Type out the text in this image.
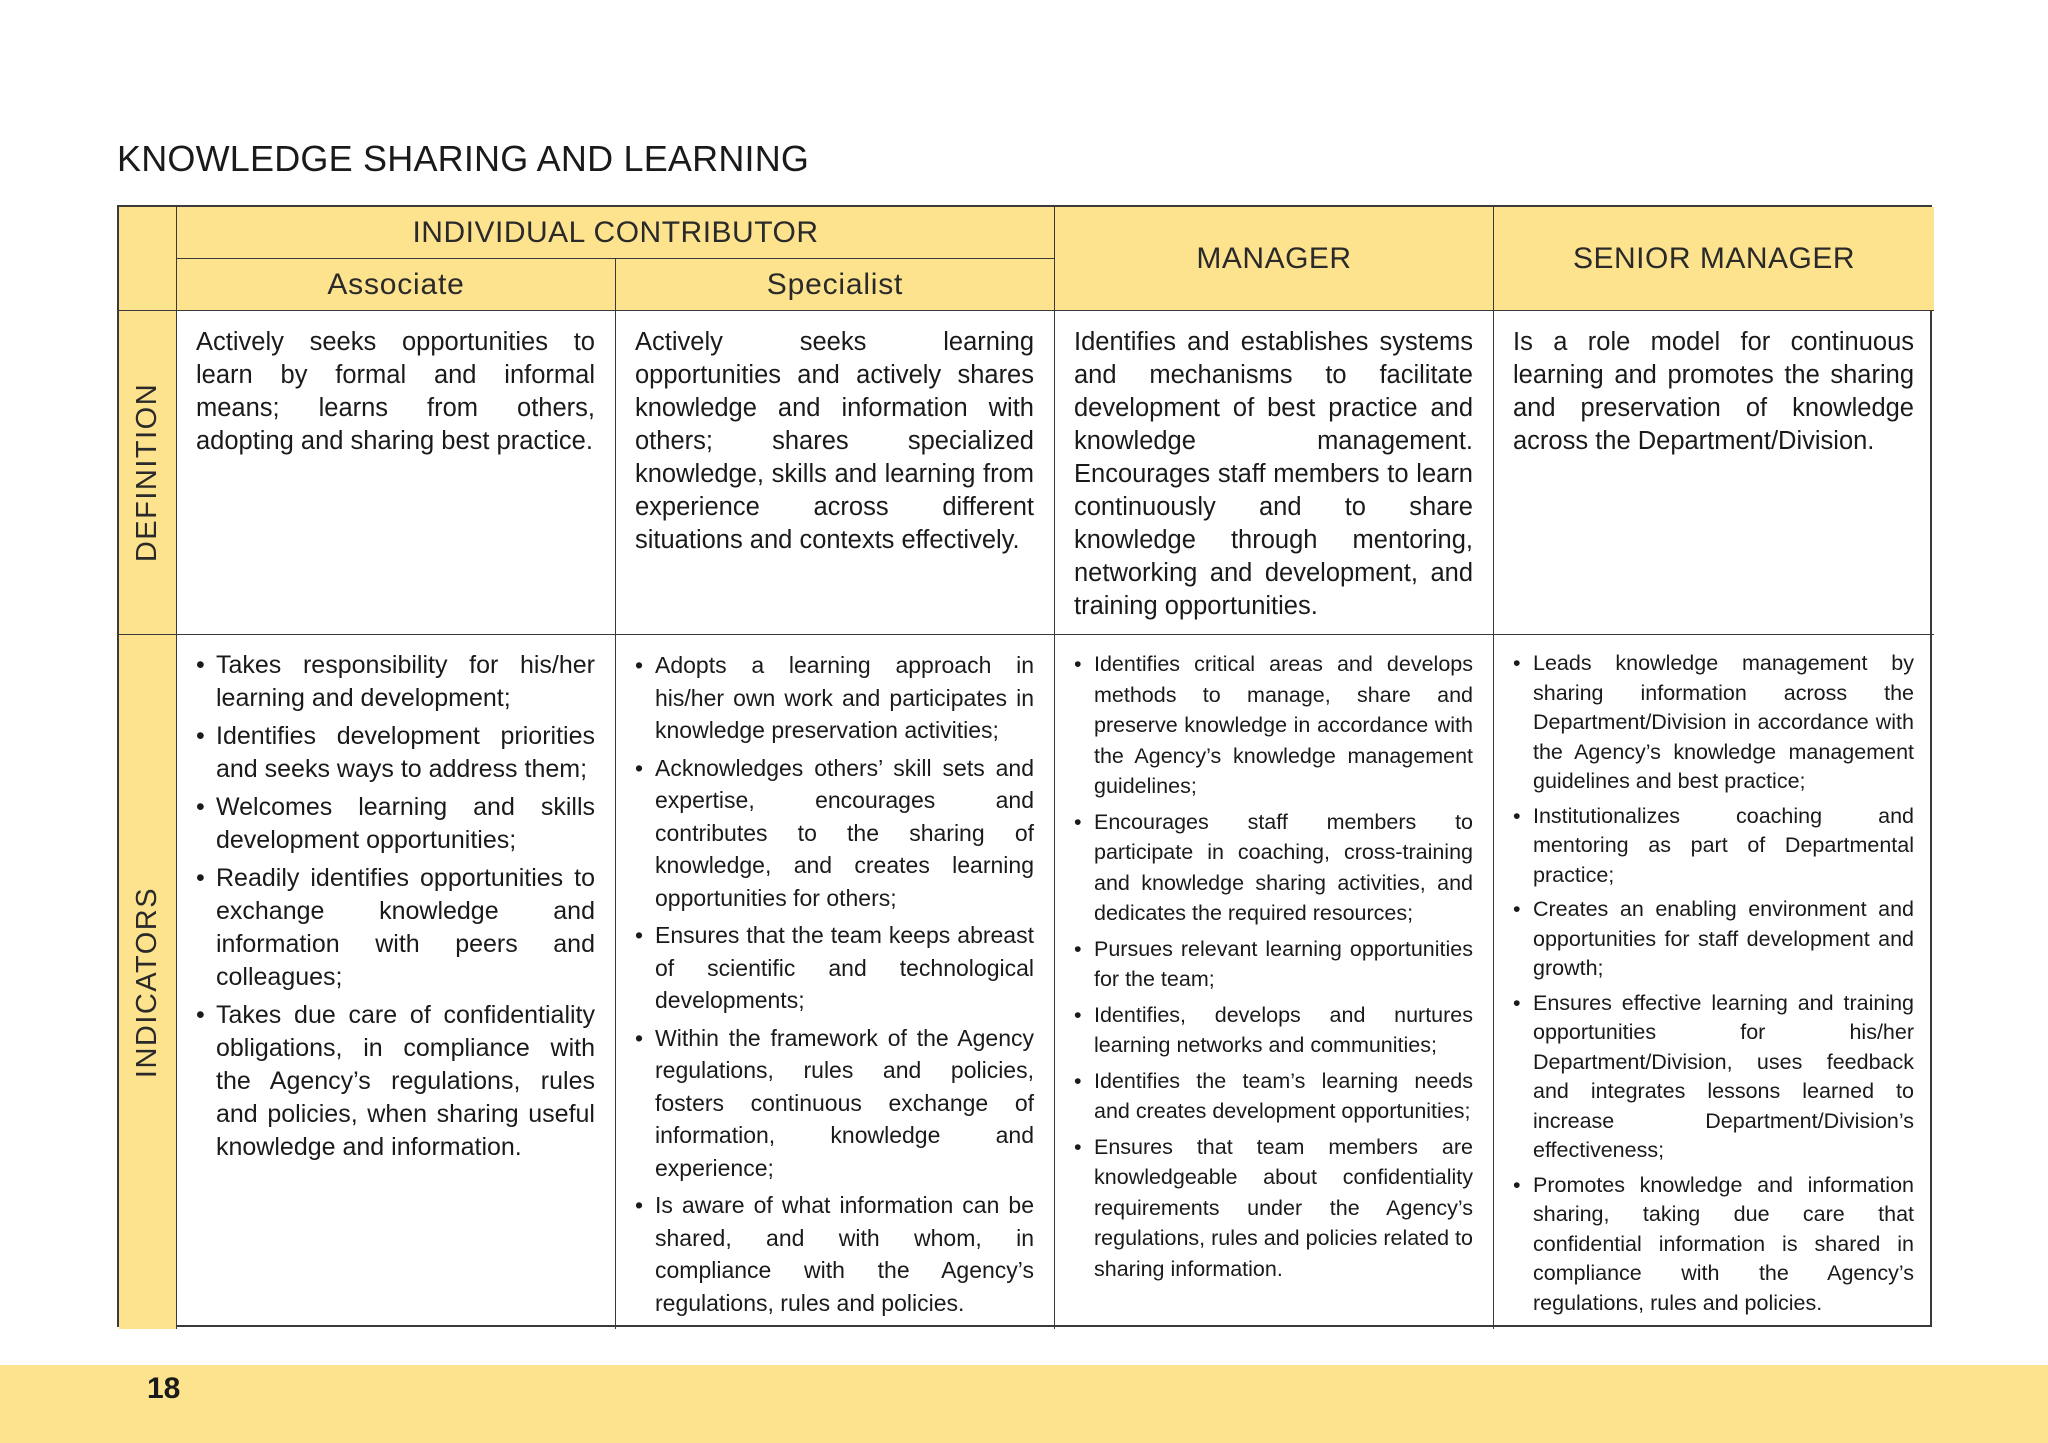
KNOWLEDGE SHARING AND LEARNING
INDIVIDUAL CONTRIBUTOR
MANAGER	SENIOR MANAGER
Associate	Specialist
DEFINITION
Actively seeks opportunities to learn by formal and informal means; learns from others, adopting and sharing best practice.
Actively seeks learning opportunities and actively shares knowledge and information with others; shares specialized knowledge, skills and learning from experience across different situations and contexts effectively.
Identifies and establishes systems and mechanisms to facilitate development of best practice and knowledge management. Encourages staff members to learn continuously and to share knowledge through mentoring, networking and development, and training opportunities.
Is a role model for continuous learning and promotes the sharing and preservation of knowledge across the Department/Division.
INDICATORS
• Takes responsibility for his/her learning and development;
• Identifies development priorities and seeks ways to address them;
• Welcomes learning and skills development opportunities;
• Readily identifies opportunities to exchange knowledge and information with peers and colleagues;
• Takes due care of confidentiality obligations, in compliance with the Agency’s regulations, rules and policies, when sharing useful knowledge and information.
• Adopts a learning approach in his/her own work and participates in knowledge preservation activities;
• Acknowledges others’ skill sets and expertise, encourages and contributes to the sharing of knowledge, and creates learning opportunities for others;
• Ensures that the team keeps abreast of scientific and technological developments;
• Within the framework of the Agency regulations, rules and policies, fosters continuous exchange of information, knowledge and experience;
• Is aware of what information can be shared, and with whom, in compliance with the Agency’s regulations, rules and policies.
• Identifies critical areas and develops methods to manage, share and preserve knowledge in accordance with the Agency’s knowledge management guidelines;
• Encourages staff members to participate in coaching, cross-training and knowledge sharing activities, and dedicates the required resources;
• Pursues relevant learning opportunities for the team;
• Identifies, develops and nurtures learning networks and communities;
• Identifies the team’s learning needs and creates development opportunities;
• Ensures that team members are knowledgeable about confidentiality requirements under the Agency’s regulations, rules and policies related to sharing information.
• Leads knowledge management by sharing information across the Department/Division in accordance with the Agency’s knowledge management guidelines and best practice;
• Institutionalizes coaching and mentoring as part of Departmental practice;
• Creates an enabling environment and opportunities for staff development and growth;
• Ensures effective learning and training opportunities for his/her Department/Division, uses feedback and integrates lessons learned to increase Department/Division’s effectiveness;
• Promotes knowledge and information sharing, taking due care that confidential information is shared in compliance with the Agency’s regulations, rules and policies.
18
